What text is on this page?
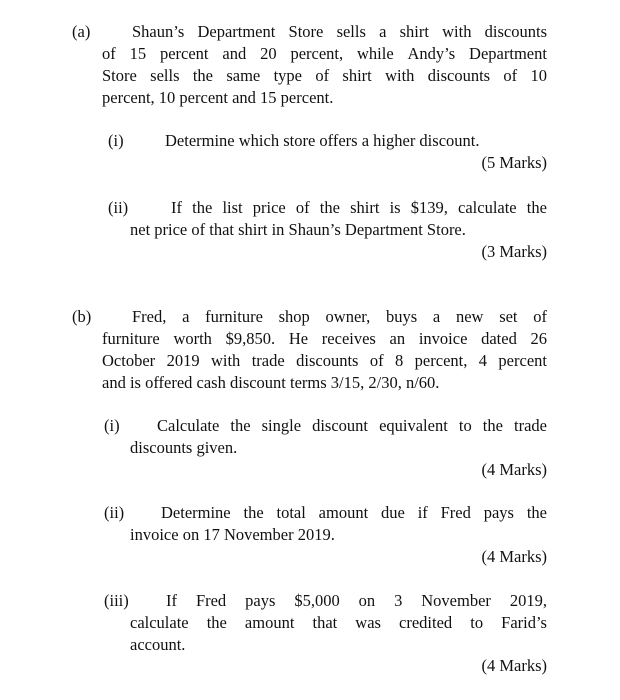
(a)	Shaun’s Department Store sells a shirt with discounts
of 15 percent and 20 percent, while Andy’s Department
Store sells the same type of shirt with discounts of 10
percent, 10 percent and 15 percent.
(i)	Determine which store offers a higher discount.
(5 Marks)
(ii)	If the list price of the shirt is $139, calculate the
net price of that shirt in Shaun’s Department Store.
(3 Marks)
(b) Fred, a furniture shop owner, buys a new set of
furniture worth $9,850. He receives an invoice dated 26
October 2019 with trade discounts of 8 percent, 4 percent
and is offered cash discount terms 3/15, 2/30, n/60.
(i) Calculate the single discount equivalent to the trade
discounts given.
(4 Marks)
(ii) Determine the total amount due if Fred pays the
invoice on 17 November 2019.
(4 Marks)
(iii) If Fred pays $5,000 on 3 November 2019,
calculate the amount that was credited to Farid’s
account.
(4 Marks)
